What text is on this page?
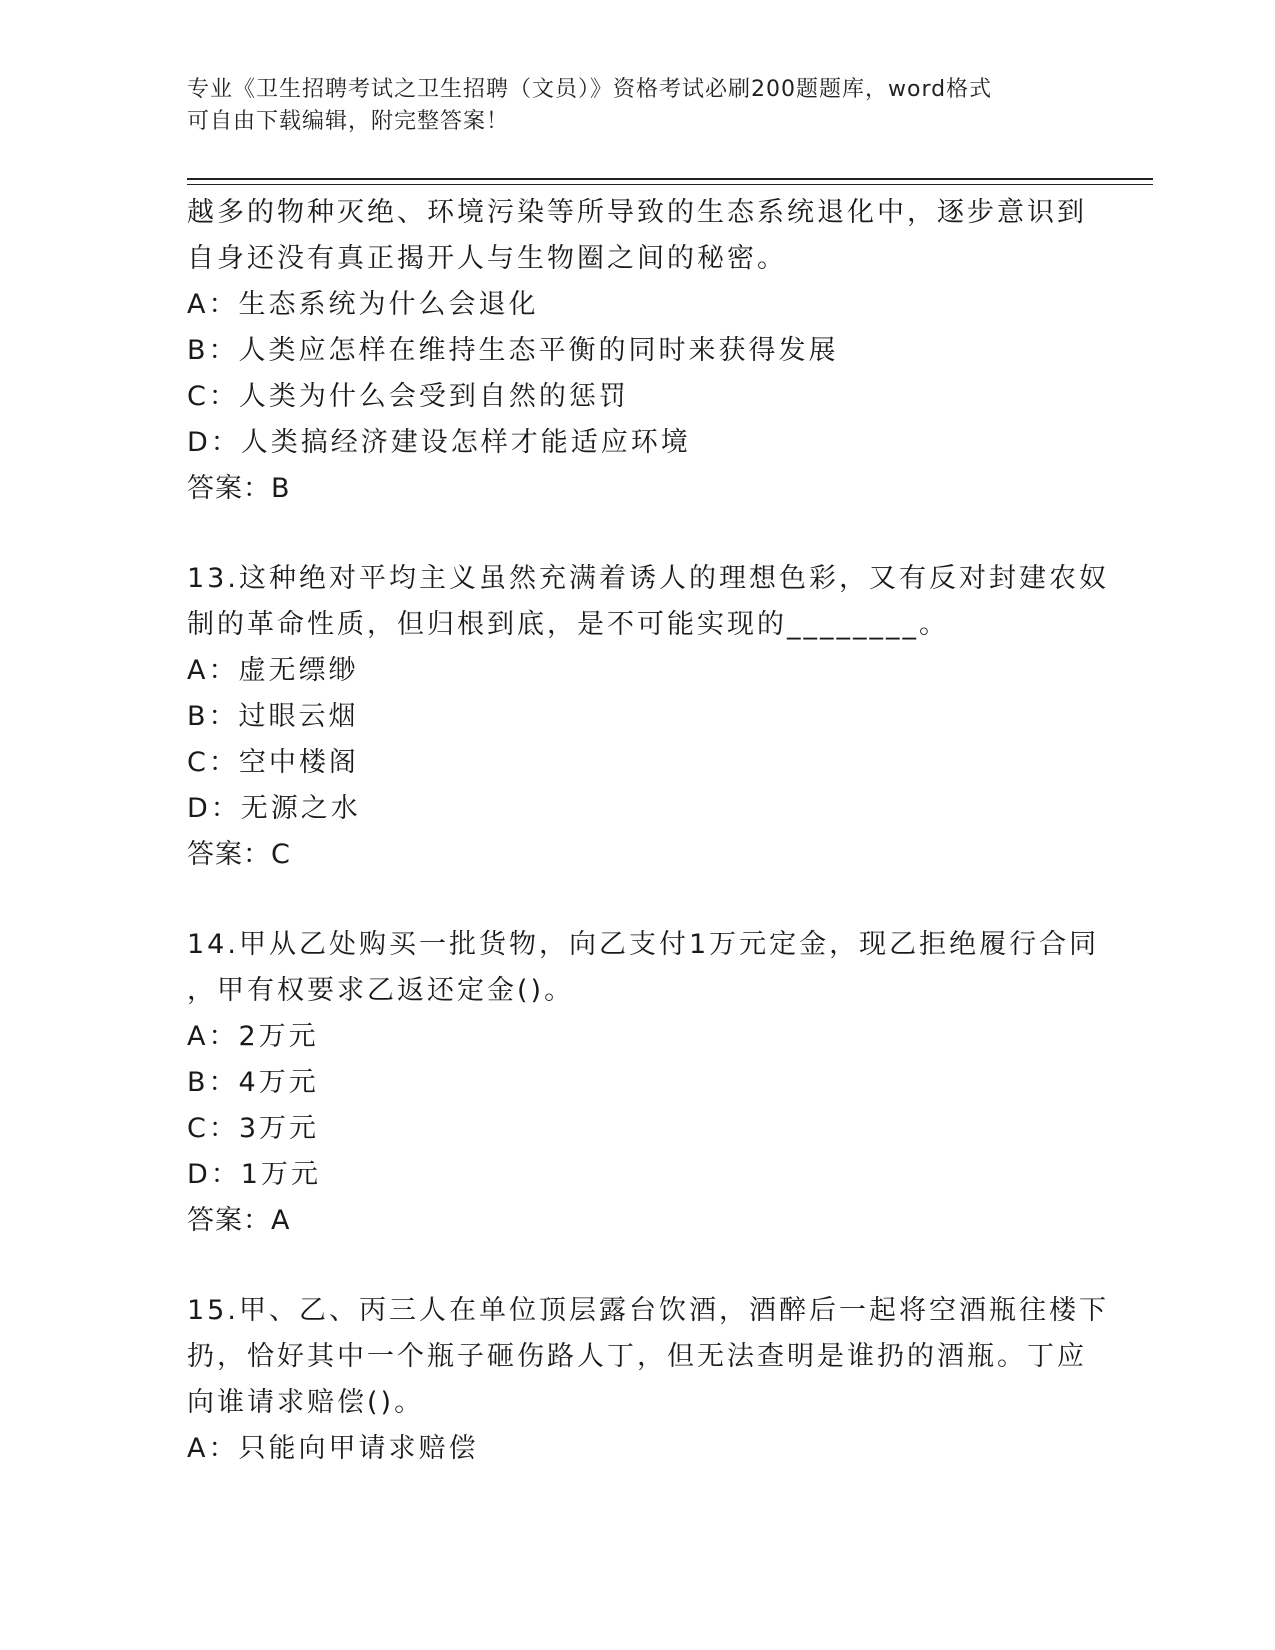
专业《卫生招聘考试之卫生招聘（文员）》资格考试必刷200题题库，word格式
可自由下载编辑，附完整答案！
越多的物种灭绝、环境污染等所导致的生态系统退化中，逐步意识到
自身还没有真正揭开人与生物圈之间的秘密。
A：生态系统为什么会退化
B：人类应怎样在维持生态平衡的同时来获得发展
C：人类为什么会受到自然的惩罚
D：人类搞经济建设怎样才能适应环境
答案：B
13.这种绝对平均主义虽然充满着诱人的理想色彩，又有反对封建农奴
制的革命性质，但归根到底，是不可能实现的________。
A：虚无缥缈
B：过眼云烟
C：空中楼阁
D：无源之水
答案：C
14.甲从乙处购买一批货物，向乙支付1万元定金，现乙拒绝履行合同
，甲有权要求乙返还定金()。
A：2万元
B：4万元
C：3万元
D：1万元
答案：A
15.甲、乙、丙三人在单位顶层露台饮酒，酒醉后一起将空酒瓶往楼下
扔，恰好其中一个瓶子砸伤路人丁，但无法查明是谁扔的酒瓶。丁应
向谁请求赔偿()。
A：只能向甲请求赔偿
